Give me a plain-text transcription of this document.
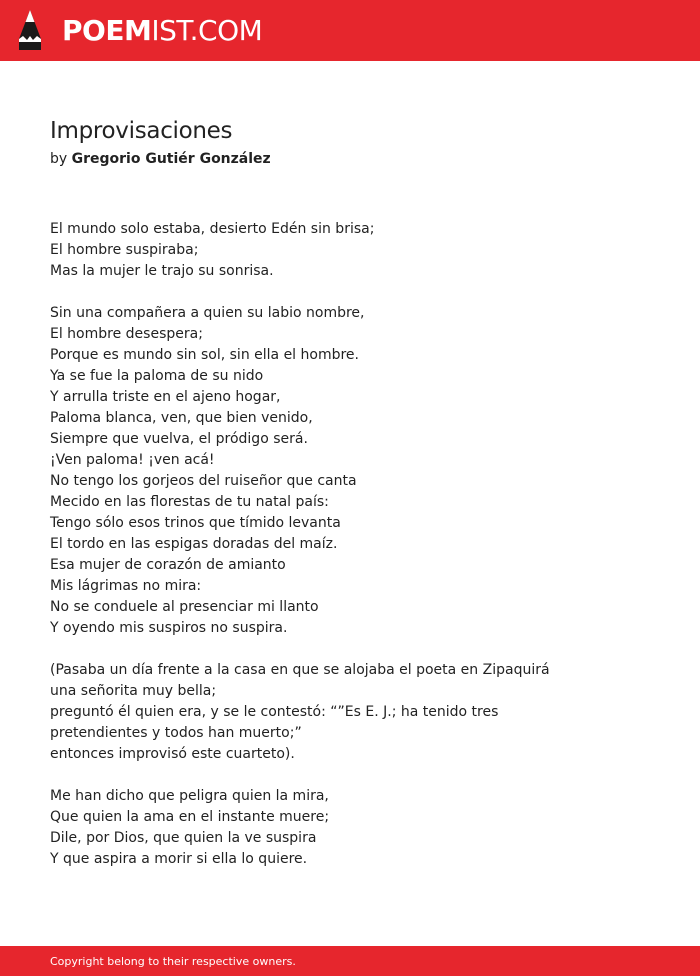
POEMIST.COM
Improvisaciones
by Gregorio Gutiér González
El mundo solo estaba, desierto Edén sin brisa;
El hombre suspiraba;
Mas la mujer le trajo su sonrisa.
Sin una compañera a quien su labio nombre,
El hombre desespera;
Porque es mundo sin sol, sin ella el hombre.
Ya se fue la paloma de su nido
Y arrulla triste en el ajeno hogar,
Paloma blanca, ven, que bien venido,
Siempre que vuelva, el pródigo será.
¡Ven paloma! ¡ven acá!
No tengo los gorjeos del ruiseñor que canta
Mecido en las florestas de tu natal país:
Tengo sólo esos trinos que tímido levanta
El tordo en las espigas doradas del maíz.
Esa mujer de corazón de amianto
Mis lágrimas no mira:
No se conduele al presenciar mi llanto
Y oyendo mis suspiros no suspira.
(Pasaba un día frente a la casa en que se alojaba el poeta en Zipaquirá
una señorita muy bella;
preguntó él quien era, y se le contestó: “”Es E. J.; ha tenido tres
pretendientes y todos han muerto;”
entonces improvisó este cuarteto).
Me han dicho que peligra quien la mira,
Que quien la ama en el instante muere;
Dile, por Dios, que quien la ve suspira
Y que aspira a morir si ella lo quiere.
Copyright belong to their respective owners.
